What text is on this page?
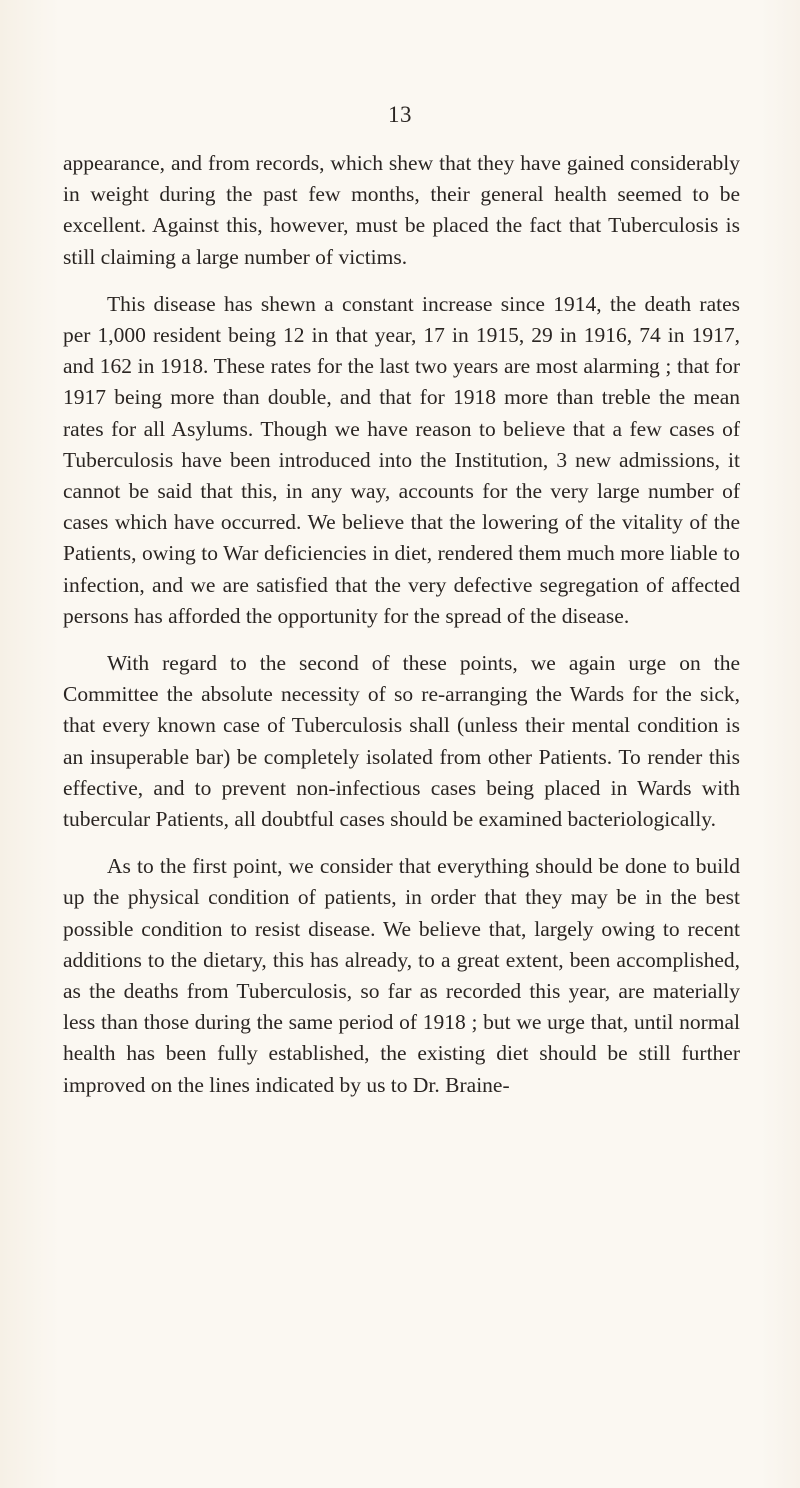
13

appearance, and from records, which shew that they have gained considerably in weight during the past few months, their general health seemed to be excellent. Against this, however, must be placed the fact that Tuberculosis is still claiming a large number of victims.

This disease has shewn a constant increase since 1914, the death rates per 1,000 resident being 12 in that year, 17 in 1915, 29 in 1916, 74 in 1917, and 162 in 1918. These rates for the last two years are most alarming ; that for 1917 being more than double, and that for 1918 more than treble the mean rates for all Asylums. Though we have reason to believe that a few cases of Tuberculosis have been introduced into the Institution, 3 new admissions, it cannot be said that this, in any way, accounts for the very large number of cases which have occurred. We believe that the lowering of the vitality of the Patients, owing to War deficiencies in diet, rendered them much more liable to infection, and we are satisfied that the very defective segregation of affected persons has afforded the opportunity for the spread of the disease.

With regard to the second of these points, we again urge on the Committee the absolute necessity of so re-arranging the Wards for the sick, that every known case of Tuberculosis shall (unless their mental condition is an insuperable bar) be completely isolated from other Patients. To render this effective, and to prevent non-infectious cases being placed in Wards with tubercular Patients, all doubtful cases should be examined bacteriologically.

As to the first point, we consider that everything should be done to build up the physical condition of patients, in order that they may be in the best possible condition to resist disease. We believe that, largely owing to recent additions to the dietary, this has already, to a great extent, been accomplished, as the deaths from Tuberculosis, so far as recorded this year, are materially less than those during the same period of 1918 ; but we urge that, until normal health has been fully established, the existing diet should be still further improved on the lines indicated by us to Dr. Braine-
